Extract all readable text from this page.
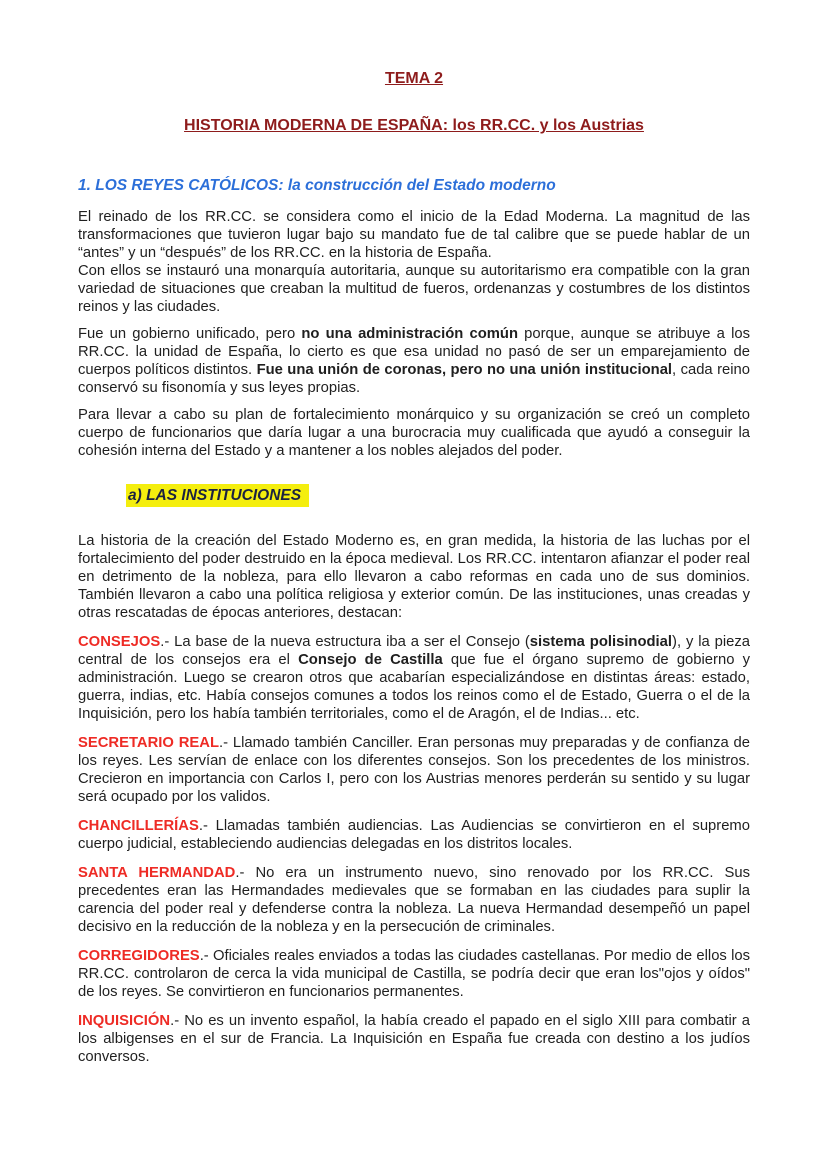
TEMA 2
HISTORIA MODERNA DE ESPAÑA: los RR.CC. y los Austrias
1. LOS REYES CATÓLICOS: la construcción del Estado moderno

El reinado de los RR.CC. se considera como el inicio de la Edad Moderna. La magnitud de las transformaciones que tuvieron lugar bajo su mandato fue de tal calibre que se puede hablar de un “antes” y un “después” de los RR.CC. en la historia de España.

Con ellos se instauró una monarquía autoritaria, aunque su autoritarismo era compatible con la gran variedad de situaciones que creaban la multitud de fueros, ordenanzas y costumbres de los distintos reinos y las ciudades.

Fue un gobierno unificado, pero no una administración común porque, aunque se atribuye a los RR.CC. la unidad de España, lo cierto es que esa unidad no pasó de ser un emparejamiento de cuerpos políticos distintos. Fue una unión de coronas, pero no una unión institucional, cada reino conservó su fisonomía y sus leyes propias.

Para llevar a cabo su plan de fortalecimiento monárquico y su organización se creó un completo cuerpo de funcionarios que daría lugar a una burocracia muy cualificada que ayudó a conseguir la cohesión interna del Estado y a mantener a los nobles alejados del poder.

a) LAS INSTITUCIONES

La historia de la creación del Estado Moderno es, en gran medida, la historia de las luchas por el fortalecimiento del poder destruido en la época medieval. Los RR.CC. intentaron afianzar el poder real en detrimento de la nobleza, para ello llevaron a cabo reformas en cada uno de sus dominios. También llevaron a cabo una política religiosa y exterior común. De las instituciones, unas creadas y otras rescatadas de épocas anteriores, destacan:

CONSEJOS.- La base de la nueva estructura iba a ser el Consejo (sistema polisinodial), y la pieza central de los consejos era el Consejo de Castilla que fue el órgano supremo de gobierno y administración. Luego se crearon otros que acabarían especializándose en distintas áreas: estado, guerra, indias, etc. Había consejos comunes a todos los reinos como el de Estado, Guerra o el de la Inquisición, pero los había también territoriales, como el de Aragón, el de Indias... etc.

SECRETARIO REAL.- Llamado también Canciller. Eran personas muy preparadas y de confianza de los reyes. Les servían de enlace con los diferentes consejos. Son los precedentes de los ministros. Crecieron en importancia con Carlos I, pero con los Austrias menores perderán su sentido y su lugar será ocupado por los validos.

CHANCILLERÍAS.- Llamadas también audiencias. Las Audiencias se convirtieron en el supremo cuerpo judicial, estableciendo audiencias delegadas en los distritos locales.

SANTA HERMANDAD.- No era un instrumento nuevo, sino renovado por los RR.CC. Sus precedentes eran las Hermandades medievales que se formaban en las ciudades para suplir la carencia del poder real y defenderse contra la nobleza. La nueva Hermandad desempeñó un papel decisivo en la reducción de la nobleza y en la persecución de criminales.

CORREGIDORES.- Oficiales reales enviados a todas las ciudades castellanas. Por medio de ellos los RR.CC. controlaron de cerca la vida municipal de Castilla, se podría decir que eran los"ojos y oídos" de los reyes. Se convirtieron en funcionarios permanentes.

INQUISICIÓN.- No es un invento español, la había creado el papado en el siglo XIII para combatir a los albigenses en el sur de Francia. La Inquisición en España fue creada con destino a los judíos conversos.
